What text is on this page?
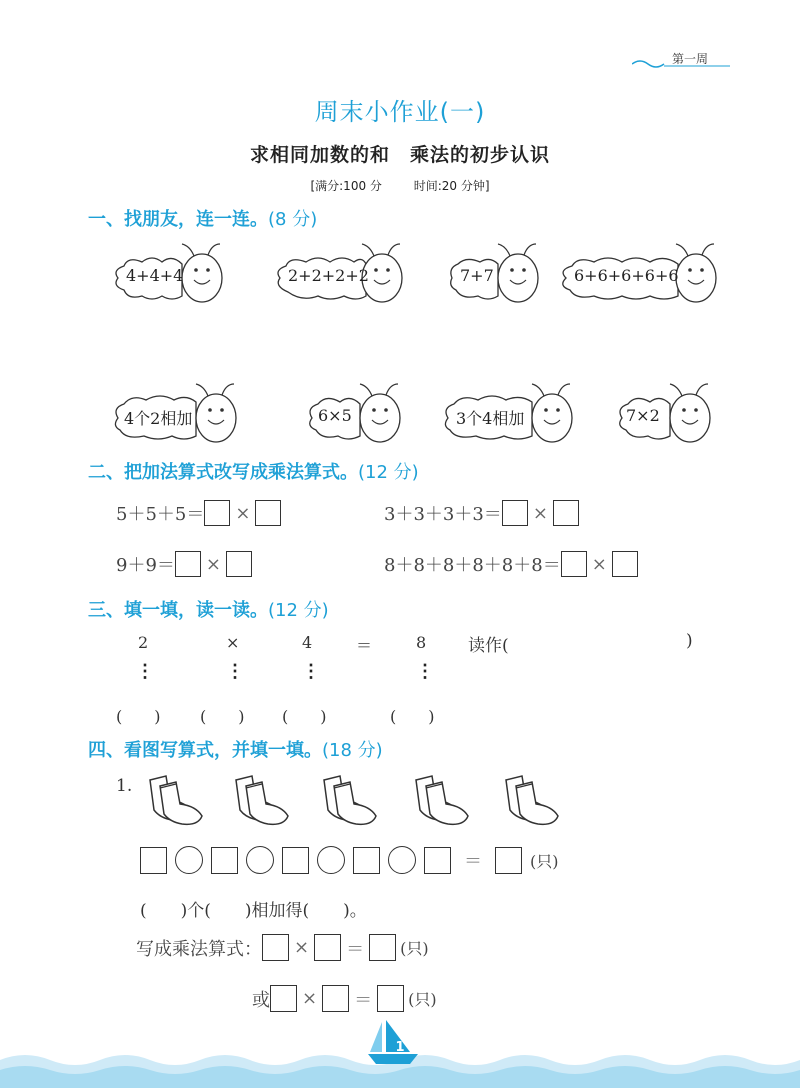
第一周
周末小作业(一)
求相同加数的和　乘法的初步认识
[满分:100 分	时间:20 分钟]
一、找朋友，连一连。(8 分)
4+4+4	2+2+2+2	7+7	6+6+6+6+6
4个2相加	6×5	3个4相加	7×2
二、把加法算式改写成乘法算式。(12 分)
5＋5＋5＝ ×	3＋3＋3＋3＝ ×
9＋9＝ ×	8＋8＋8＋8＋8＋8＝ ×
三、填一填，读一读。(12 分)
2	×	4	＝	8 读作(	)
⋮	⋮	⋮	⋮
(　　) (　　) (　　)	(　　)
四、看图写算式，并填一填。(18 分)
1.
＝	(只)
(　　)个(　　)相加得(　　)。
写成乘法算式： × ＝ (只)
或 × ＝ (只)
1
